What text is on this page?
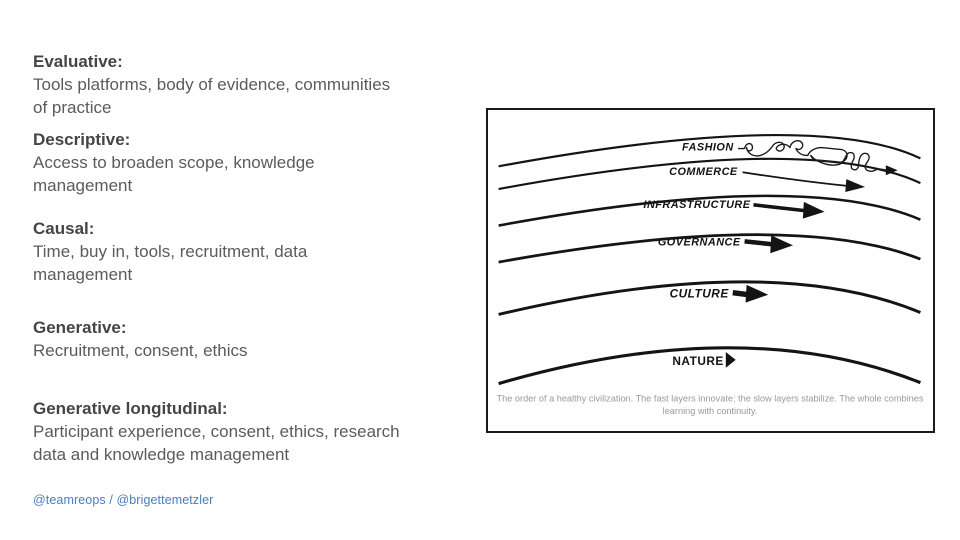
Evaluative:
Tools platforms, body of evidence, communities
of practice
Descriptive:
Access to broaden scope, knowledge
management
Causal:
Time, buy in, tools, recruitment, data
management
Generative:
Recruitment, consent, ethics
Generative longitudinal:
Participant experience, consent, ethics, research
data and knowledge management
@teamreops / @brigettemetzler
FASHION
COMMERCE
INFRASTRUCTURE
GOVERNANCE
CULTURE
NATURE
The order of a healthy civilization. The fast layers innovate; the slow layers stabilize. The whole combines
learning with continuity.
